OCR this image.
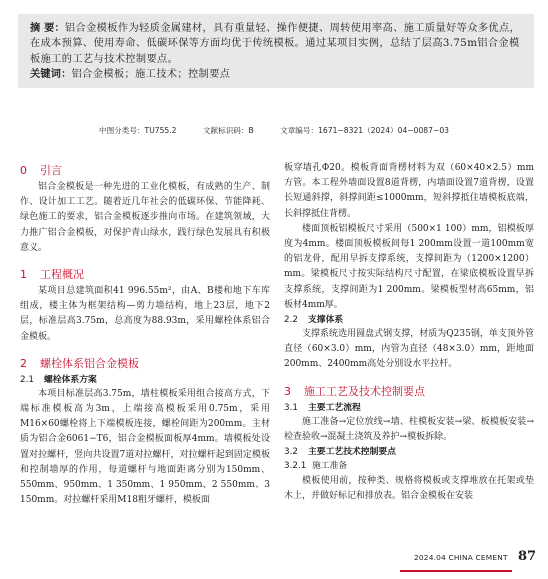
摘 要：铝合金模板作为轻质金属建材，具有重量轻、操作便捷、周转使用率高、施工质量好等众多优点，在成本预算、使用寿命、低碳环保等方面均优于传统模板。通过某项目实例，总结了层高3.75m铝合金模板施工的工艺与技术控制要点。

关键词：铝合金模板；施工技术；控制要点

中图分类号：TU755.2	文献标识码：B	文章编号：1671−8321（2024）04−0087−03
0 引言

铝合金模板是一种先进的工业化模板，有成熟的生产、制作、设计加工工艺。随着近几年社会的低碳环保、节能降耗、绿色施工的要求，铝合金模板逐步推向市场。在建筑领域，大力推广铝合金模板，对保护青山绿水，践行绿色发展具有积极意义。

1 工程概况

某项目总建筑面积41 996.55m²，由A、B楼和地下车库组成，楼主体为框架结构—剪力墙结构，地上23层，地下2层，标准层高3.75m，总高度为88.93m，采用螺栓体系铝合金模板。

2 螺栓体系铝合金模板
2.1 螺栓体系方案

本项目标准层高3.75m，墙柱模板采用组合接高方式，下端标准模板高为3m，上端接高模板采用0.75m，采用M16×60螺栓将上下端模板连接，螺栓间距为200mm。主材质为铝合金6061−T6，铝合金模板面板厚4mm。墙模板处设置对拉螺杆，竖向共设置7道对拉螺杆，对拉螺杆起到固定模板和控制墙厚的作用，每道螺杆与地面距离分别为150mm、550mm、950mm、1 350mm、1 950mm、2 550mm、3 150mm。对拉螺杆采用M18粗牙螺杆，模板面

板穿墙孔Φ20。模板背面背楞材料为双（60×40×2.5）mm方管。本工程外墙面设置8道背楞，内墙面设置7道背楞，设置长短通斜撑，斜撑间距≤1000mm，短斜撑抵住墙模板底端，长斜撑抵住背楞。

楼面顶板铝模板尺寸采用（500×1 100）mm，铝模板厚度为4mm。楼面顶板模板间每1 200mm设置一道100mm宽的铝龙骨，配用早拆支撑系统，支撑间距为（1200×1200）mm。梁模板尺寸按实际结构尺寸配置，在梁底模板设置早拆支撑系统，支撑间距为1 200mm。梁模板型材高65mm，铝板材4mm厚。

2.2 支撑体系

支撑系统选用圆盘式钢支撑，材质为Q235钢，单支顶外管直径（60×3.0）mm，内管为直径（48×3.0）mm，距地面200mm、2400mm高处分别设水平拉杆。

3 施工工艺及技术控制要点
3.1 主要工艺流程

施工准备→定位放线→墙、柱模板安装→梁、板模板安装→检查验收→混凝土浇筑及养护→模板拆除。

3.2 主要工艺技术控制要点
3.2.1 施工准备

模板使用前，按种类、规格将模板或支撑堆放在托架或垫木上，并做好标记和排放表。铝合金模板在安装

2024.04 CHINA CEMENT 87
